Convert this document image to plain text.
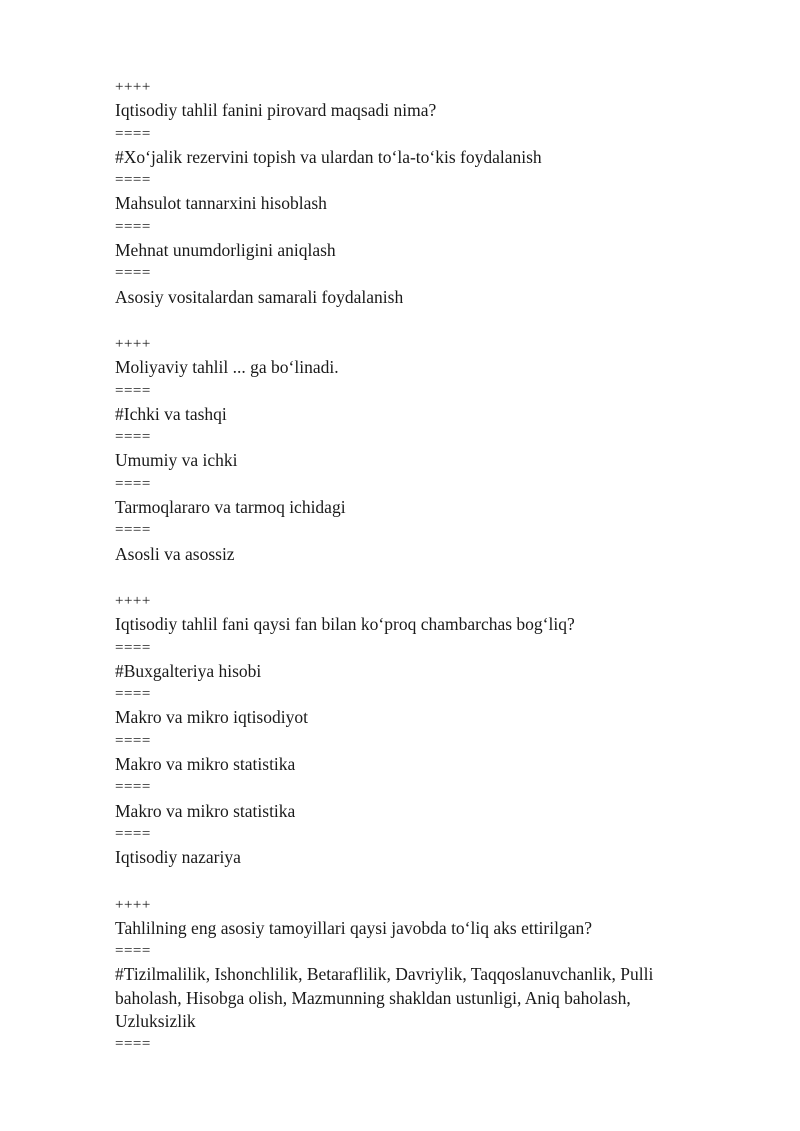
++++

Iqtisodiy tahlil fanini pirovard maqsadi nima?

====

#Xo‘jalik rezervini topish va ulardan to‘la-to‘kis foydalanish

====

Mahsulot tannarxini hisoblash

====

Mehnat unumdorligini aniqlash

====

Asosiy vositalardan samarali foydalanish

++++

Moliyaviy tahlil ... ga bo‘linadi.

====

#Ichki va tashqi

====

Umumiy va ichki

====

Tarmoqlararo va tarmoq ichidagi

====

Asosli va asossiz

++++

Iqtisodiy tahlil fani qaysi fan bilan ko‘proq chambarchas bog‘liq?

====

#Buxgalteriya hisobi

====

Makro va mikro iqtisodiyot

====

Makro va mikro statistika

====

Makro va mikro statistika

====

Iqtisodiy nazariya

++++

Tahlilning eng asosiy tamoyillari qaysi javobda to‘liq aks ettirilgan?

====

#Tizilmalilik, Ishonchlilik, Betaraflilik, Davriylik, Taqqoslanuvchanlik, Pulli baholash, Hisobga olish, Mazmunning shakldan ustunligi, Aniq baholash, Uzluksizlik

====
